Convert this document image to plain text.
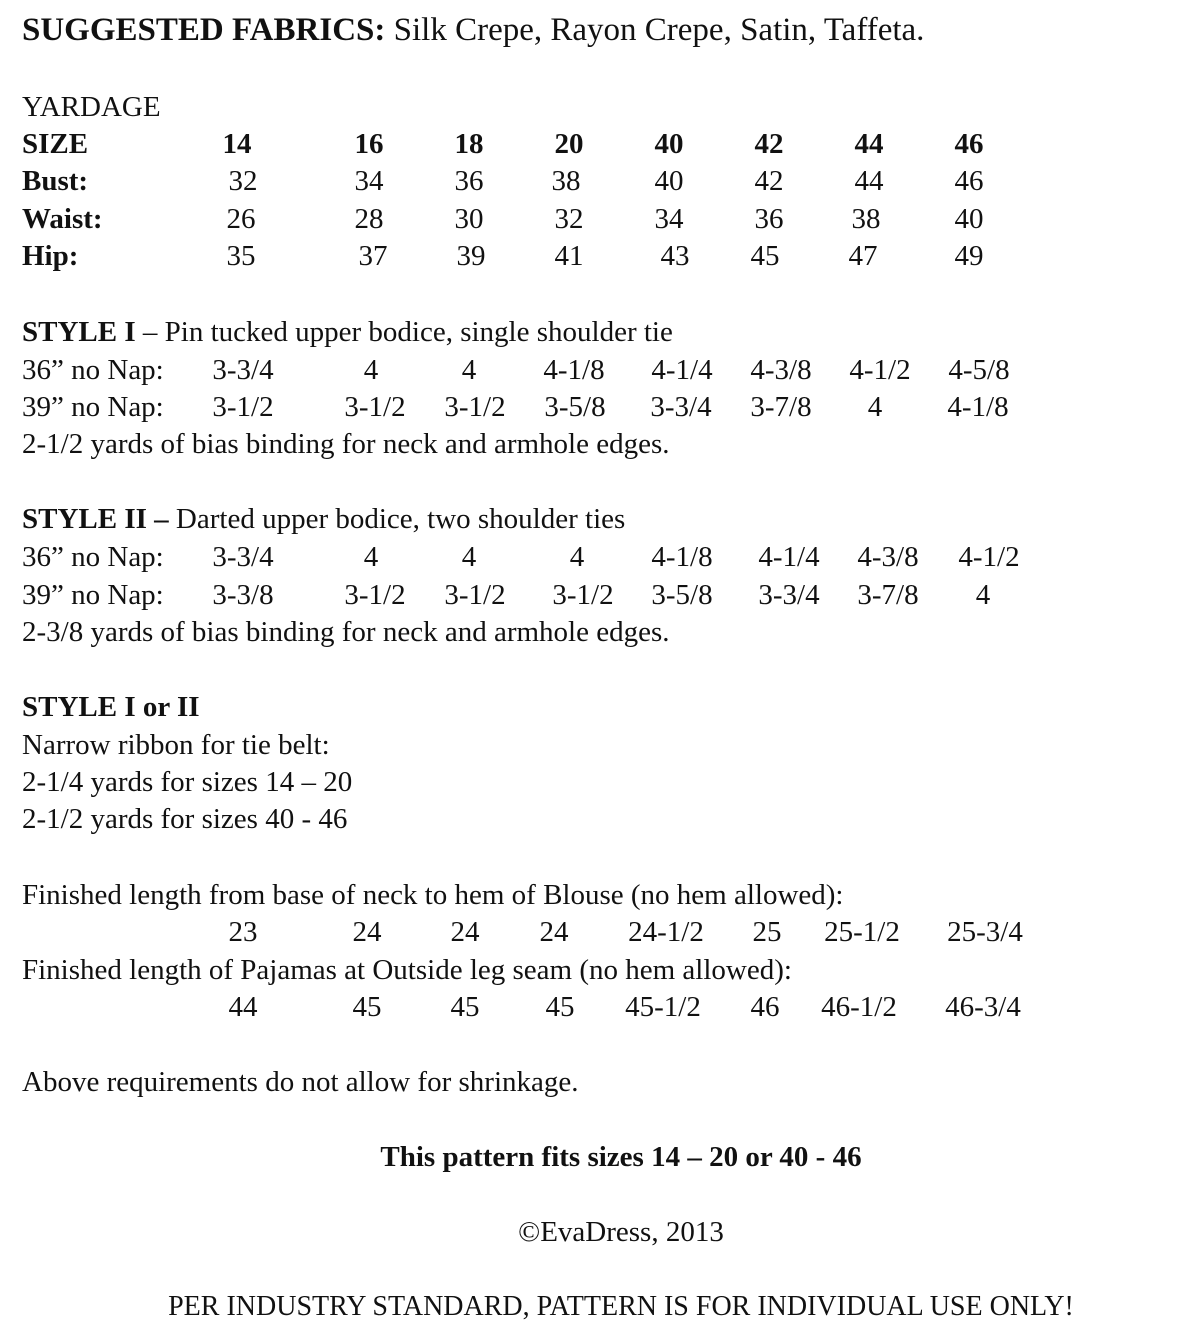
SUGGESTED FABRICS: Silk Crepe, Rayon Crepe, Satin, Taffeta.
YARDAGE
SIZE	14	16 18 20 40 42 44 46
Bust:	32	34 36 38	40 42 44 46
Waist:	26	28 30 32 34 36 38	40
Hip:	35	37 39 41	43 45 47	49
STYLE I – Pin tucked upper bodice, single shoulder tie
36” no Nap: 3-3/4	4	4 4-1/8 4-1/4 4-3/8 4-1/2 4-5/8
39” no Nap: 3-1/2 3-1/2 3-1/2 3-5/8 3-3/4 3-7/8 4 4-1/8
2-1/2 yards of bias binding for neck and armhole edges.
STYLE II – Darted upper bodice, two shoulder ties
36” no Nap: 3-3/4	4	4	4 4-1/8 4-1/4 4-3/8 4-1/2
39” no Nap: 3-3/8 3-1/2 3-1/2 3-1/2 3-5/8 3-3/4 3-7/8 4
2-3/8 yards of bias binding for neck and armhole edges.
STYLE I or II
Narrow ribbon for tie belt:
2-1/4 yards for sizes 14 – 20
2-1/2 yards for sizes 40 - 46
Finished length from base of neck to hem of Blouse (no hem allowed):
23	24 24 24 24-1/2 25 25-1/2 25-3/4
Finished length of Pajamas at Outside leg seam (no hem allowed):
44	45 45 45 45-1/2 46 46-1/2 46-3/4
Above requirements do not allow for shrinkage.
This pattern fits sizes 14 – 20 or 40 - 46
©EvaDress, 2013
PER INDUSTRY STANDARD, PATTERN IS FOR INDIVIDUAL USE ONLY!
